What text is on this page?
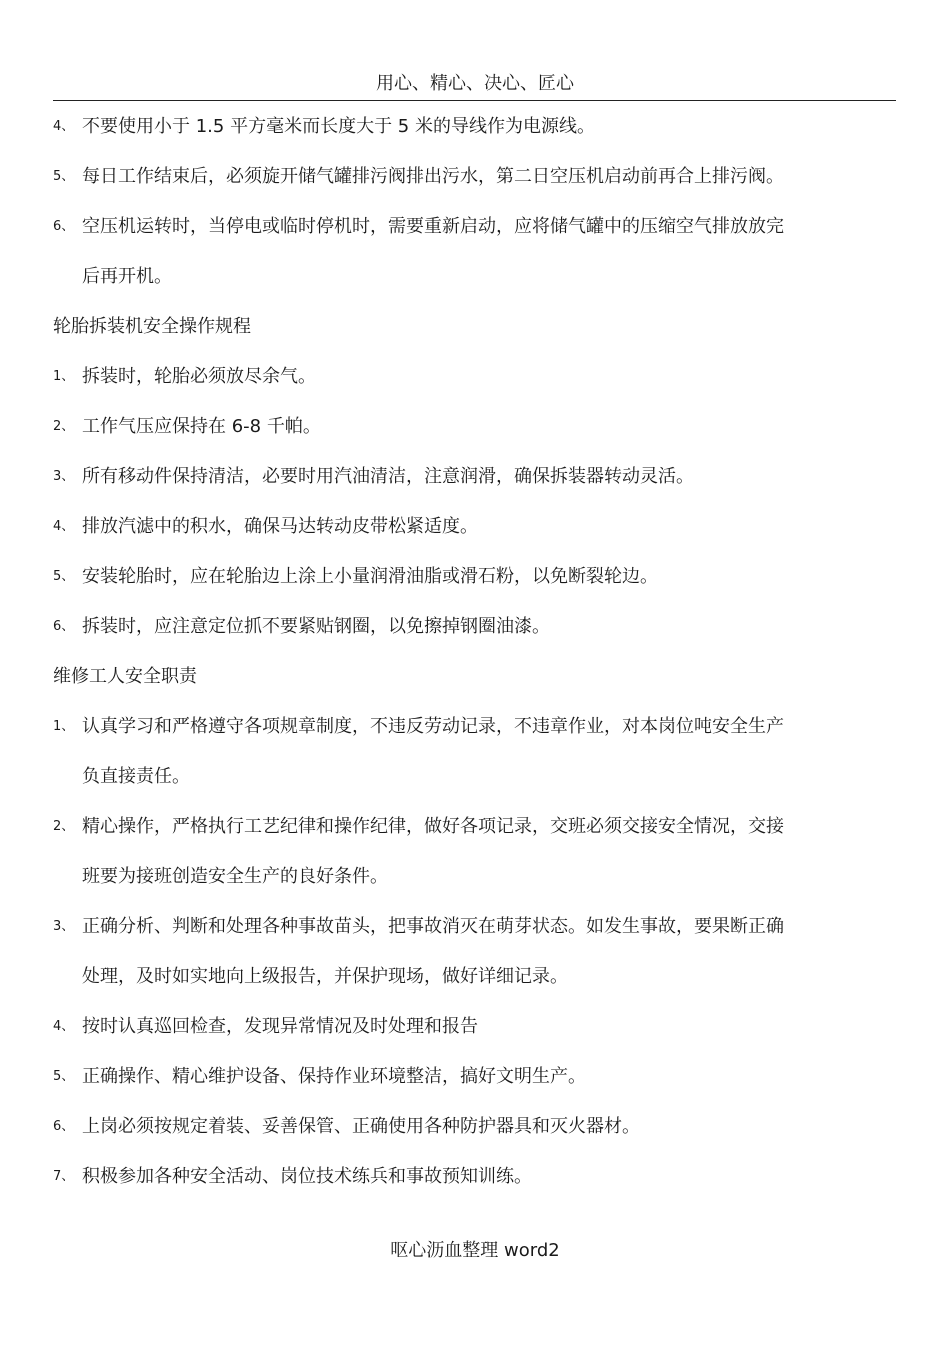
用心、精心、决心、匠心
4、 不要使用小于 1.5 平方毫米而长度大于 5 米的导线作为电源线。
5、 每日工作结束后，必须旋开储气罐排污阀排出污水，第二日空压机启动前再合上排污阀。
6、 空压机运转时，当停电或临时停机时，需要重新启动，应将储气罐中的压缩空气排放放完
后再开机。
轮胎拆装机安全操作规程
1、 拆装时，轮胎必须放尽余气。
2、 工作气压应保持在 6-8 千帕。
3、 所有移动件保持清洁，必要时用汽油清洁，注意润滑，确保拆装器转动灵活。
4、 排放汽滤中的积水，确保马达转动皮带松紧适度。
5、 安装轮胎时，应在轮胎边上涂上小量润滑油脂或滑石粉，以免断裂轮边。
6、 拆装时，应注意定位抓不要紧贴钢圈，以免擦掉钢圈油漆。
维修工人安全职责
1、 认真学习和严格遵守各项规章制度，不违反劳动记录，不违章作业，对本岗位吨安全生产
负直接责任。
2、 精心操作，严格执行工艺纪律和操作纪律，做好各项记录，交班必须交接安全情况，交接
班要为接班创造安全生产的良好条件。
3、 正确分析、判断和处理各种事故苗头，把事故消灭在萌芽状态。如发生事故，要果断正确
处理，及时如实地向上级报告，并保护现场，做好详细记录。
4、 按时认真巡回检查，发现异常情况及时处理和报告
5、 正确操作、精心维护设备、保持作业环境整洁，搞好文明生产。
6、 上岗必须按规定着装、妥善保管、正确使用各种防护器具和灭火器材。
7、 积极参加各种安全活动、岗位技术练兵和事故预知训练。
呕心沥血整理 word2
